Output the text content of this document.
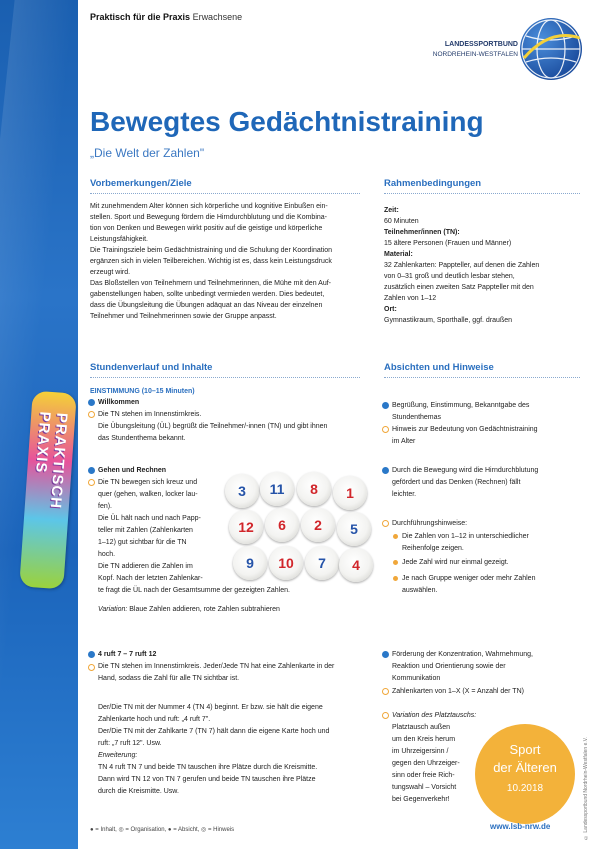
PRAKTISCH PRAXIS
Praktisch für die Praxis Erwachsene
LANDESSPORTBUND
NORDREHEIN-WESTFALEN
Bewegtes Gedächtnistraining
„Die Welt der Zahlen"
Vorbemerkungen/Ziele	Rahmenbedingungen

Mit zunehmendem Alter können sich körperliche und kognitive Einbußen ein-

stellen. Sport und Bewegung fördern die Hirndurchblutung und die Kombina-

tion von Denken und Bewegen wirkt positiv auf die geistige und körperliche

Leistungsfähigkeit.

Die Trainingsziele beim Gedächtnistraining und die Schulung der Koordination

ergänzen sich in vielen Teilbereichen. Wichtig ist es, dass kein Leistungsdruck

erzeugt wird.

Das Bloßstellen von Teilnehmern und Teilnehmerinnen, die Mühe mit den Auf-

gabenstellungen haben, sollte unbedingt vermieden werden. Dies bedeutet,

dass die Übungsleitung die Übungen adäquat an das Niveau der einzelnen

Teilnehmer und Teilnehmerinnen sowie der Gruppe anpasst.

Zeit:
60 Minuten
Teilnehmer/innen (TN):
15 ältere Personen (Frauen und Männer)
Material:
32 Zahlenkarten: Pappteller, auf denen die Zahlen
von 0–31 groß und deutlich lesbar stehen,
zusätzlich einen zweiten Satz Pappteller mit den
Zahlen von 1–12
Ort:
Gymnastikraum, Sporthalle, ggf. draußen
Stundenverlauf und Inhalte	Absichten und Hinweise
EINSTIMMUNG (10–15 Minuten)
Willkommen
Die TN stehen im Innenstirnkreis.
Die Übungsleitung (ÜL) begrüßt die Teilnehmer/-innen (TN) und gibt ihnen
das Stundenthema bekannt.
Begrüßung, Einstimmung, Bekanntgabe des
Stundenthemas
Hinweis zur Bedeutung von Gedächtnistraining
im Alter
Gehen und Rechnen
Die TN bewegen sich kreuz und
quer (gehen, walken, locker lau-
fen).
Die ÜL hält nach und nach Papp-
teller mit Zahlen (Zahlenkarten
1–12) gut sichtbar für die TN
hoch.
Die TN addieren die Zahlen im
Kopf. Nach der letzten Zahlenkar-
te fragt die ÜL nach der Gesamtsumme der gezeigten Zahlen.
Variation: Blaue Zahlen addieren, rote Zahlen subtrahieren
3	11	8	1
12	6	2	5
9	10	7	4
Durch die Bewegung wird die Hirndurchblutung
gefördert und das Denken (Rechnen) fällt
leichter.
Durchführungshinweise:
Die Zahlen von 1–12 in unterschiedlicher
Reihenfolge zeigen.
Jede Zahl wird nur einmal gezeigt.
Je nach Gruppe weniger oder mehr Zahlen
auswählen.
4 ruft 7 – 7 ruft 12
Die TN stehen im Innenstirnkreis. Jeder/Jede TN hat eine Zahlenkarte in der
Hand, sodass die Zahl für alle TN sichtbar ist.
Der/Die TN mit der Nummer 4 (TN 4) beginnt. Er bzw. sie hält die eigene
Zahlenkarte hoch und ruft: „4 ruft 7".
Der/Die TN mit der Zahlkarte 7 (TN 7) hält dann die eigene Karte hoch und
ruft: „7 ruft 12". Usw.
Erweiterung:
TN 4 ruft TN 7 und beide TN tauschen ihre Plätze durch die Kreismitte.
Dann wird TN 12 von TN 7 gerufen und beide TN tauschen ihre Plätze
durch die Kreismitte. Usw.
Förderung der Konzentration, Wahrnehmung,
Reaktion und Orientierung sowie der
Kommunikation
Zahlenkarten von 1–X (X = Anzahl der TN)
Variation des Platztauschs:
Platztausch außen
um den Kreis herum
im Uhrzeigersinn /
gegen den Uhrzeiger-
sinn oder freie Rich-
tungswahl – Vorsicht
bei Gegenverkehr!
Sport
der Älteren
10.2018
● = Inhalt, ◎ = Organisation, ● = Absicht, ◎ = Hinweis	www.lsb-nrw.de	© Landessportbund Nordrhein-Westfalen e.V.
